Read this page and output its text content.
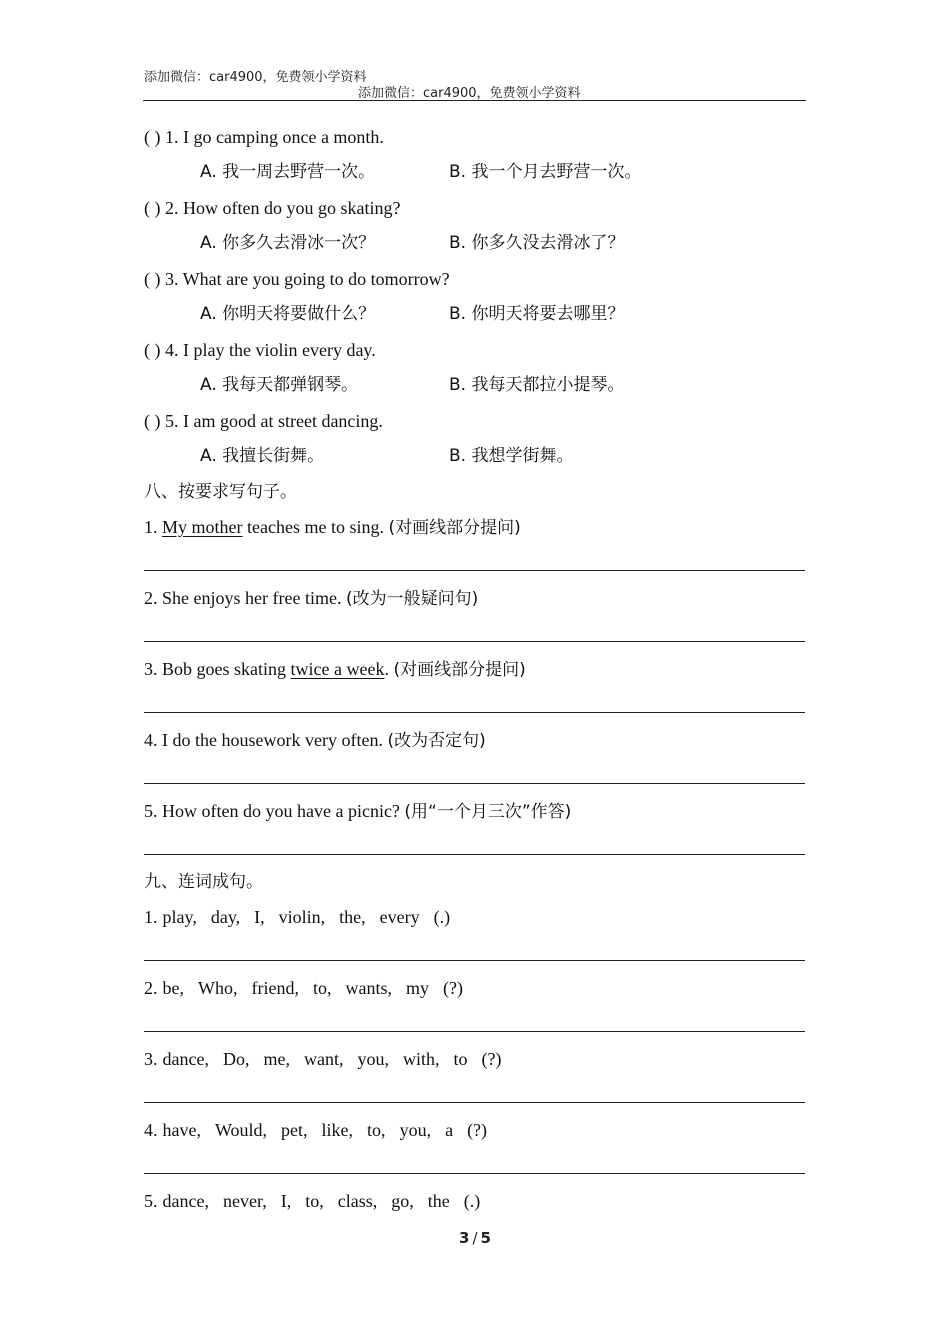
添加微信：car4900，免费领小学资料
添加微信：car4900，免费领小学资料
( ) 1. I go camping once a month.
A. 我一周去野营一次。	B. 我一个月去野营一次。
( ) 2. How often do you go skating?
A. 你多久去滑冰一次？	B. 你多久没去滑冰了？
( ) 3. What are you going to do tomorrow?
A. 你明天将要做什么？	B. 你明天将要去哪里？
( ) 4. I play the violin every day.
A. 我每天都弹钢琴。	B. 我每天都拉小提琴。
( ) 5. I am good at street dancing.
A. 我擅长街舞。	B. 我想学街舞。
八、按要求写句子。
1. My mother teaches me to sing. (对画线部分提问)
2. She enjoys her free time. (改为一般疑问句)
3. Bob goes skating twice a week. (对画线部分提问)
4. I do the housework very often. (改为否定句)
5. How often do you have a picnic? (用“一个月三次”作答)
九、连词成句。
1. play, day, I, violin, the, every (.)
2. be, Who, friend, to, wants, my (?)
3. dance, Do, me, want, you, with, to (?)
4. have, Would, pet, like, to, you, a (?)
5. dance, never, I, to, class, go, the (.)
3 / 5
